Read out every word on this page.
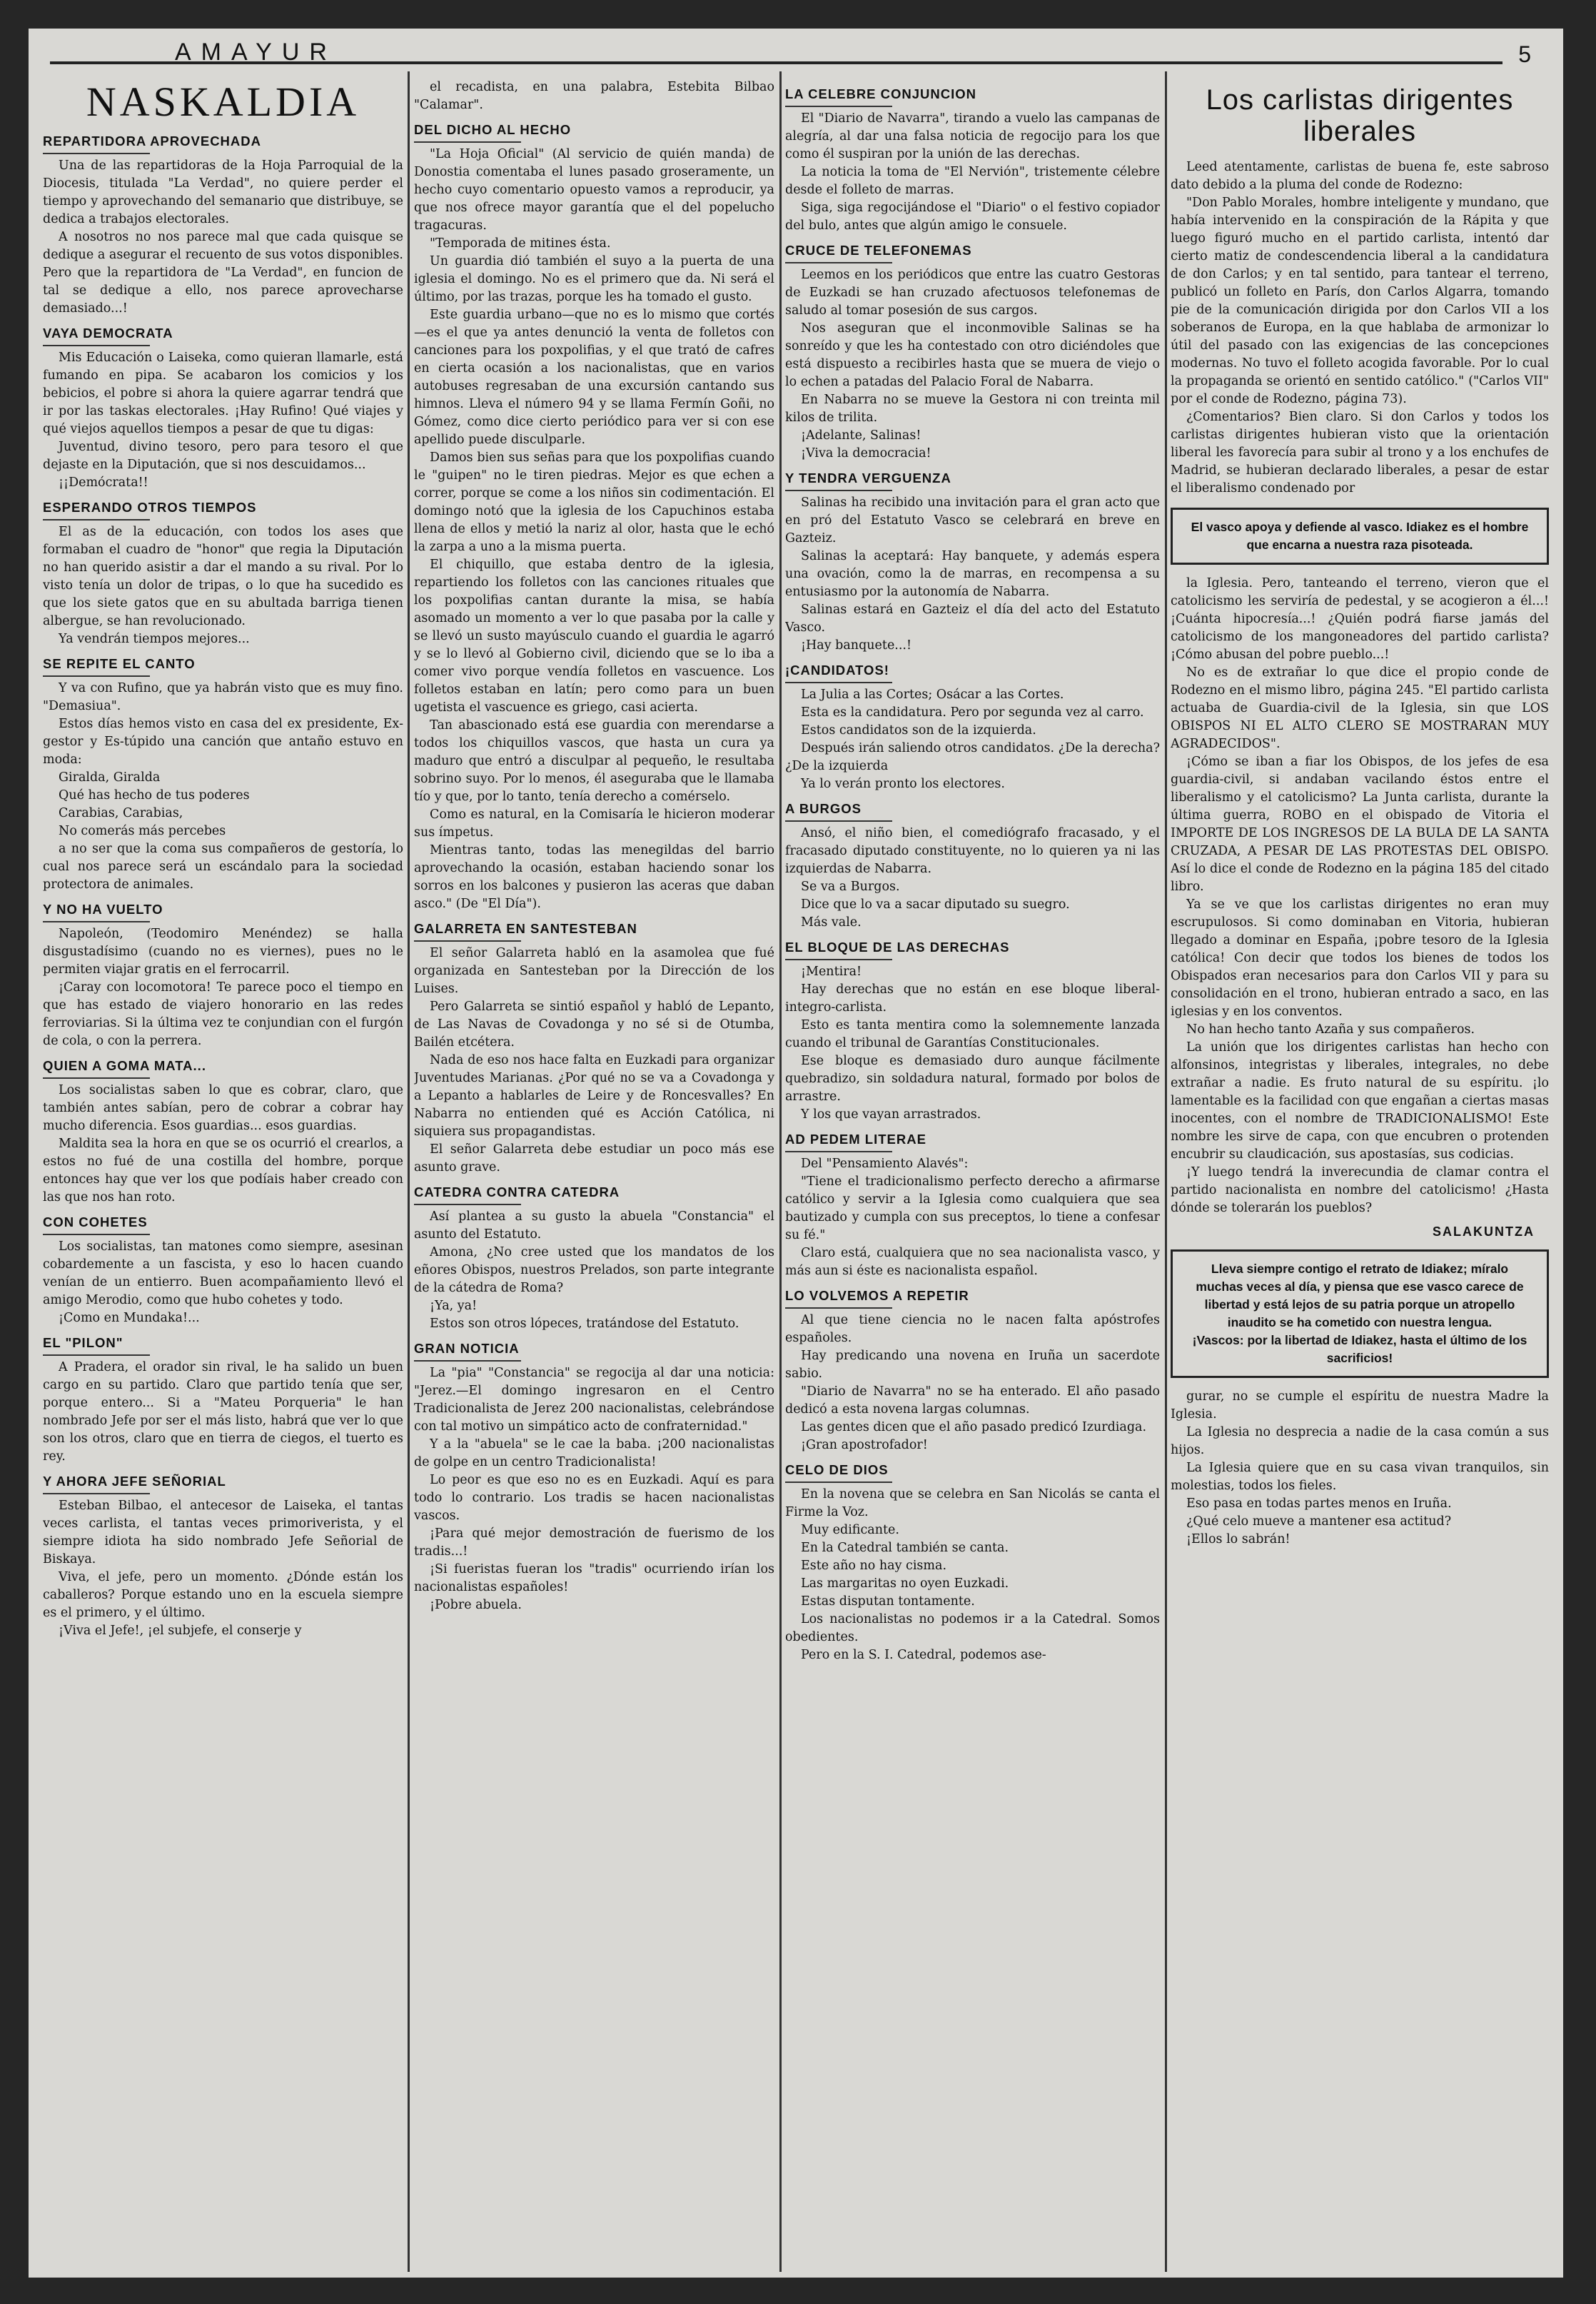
AMAYUR	5
NASKALDIA
REPARTIDORA APROVECHADA

Una de las repartidoras de la Hoja Parroquial de la Diocesis, titulada "La Verdad", no quiere perder el tiempo y aprovechando del semanario que distribuye, se dedica a trabajos electorales.

A nosotros no nos parece mal que cada quisque se dedique a asegurar el recuento de sus votos disponibles. Pero que la repartidora de "La Verdad", en funcion de tal se dedique a ello, nos parece aprovecharse demasiado...!

VAYA DEMOCRATA

Mis Educación o Laiseka, como quieran llamarle, está fumando en pipa. Se acabaron los comicios y los bebicios, el pobre si ahora la quiere agarrar tendrá que ir por las taskas electorales. ¡Hay Rufino! Qué viajes y qué viejos aquellos tiempos a pesar de que tu digas:

Juventud, divino tesoro, pero para tesoro el que dejaste en la Diputación, que si nos descuidamos...

¡¡Demócrata!!

ESPERANDO OTROS TIEMPOS

El as de la educación, con todos los ases que formaban el cuadro de "honor" que regia la Diputación no han querido asistir a dar el mando a su rival. Por lo visto tenía un dolor de tripas, o lo que ha sucedido es que los siete gatos que en su abultada barriga tienen albergue, se han revolucionado.

Ya vendrán tiempos mejores...

SE REPITE EL CANTO

Y va con Rufino, que ya habrán visto que es muy fino. "Demasiua".

Estos días hemos visto en casa del ex presidente, Ex-gestor y Es-túpido una canción que antaño estuvo en moda:

Giralda, Giralda

Qué has hecho de tus poderes

Carabias, Carabias,

No comerás más percebes

a no ser que la coma sus compañeros de gestoría, lo cual nos parece será un escándalo para la sociedad protectora de animales.

Y NO HA VUELTO

Napoleón, (Teodomiro Menéndez) se halla disgustadísimo (cuando no es viernes), pues no le permiten viajar gratis en el ferrocarril.

¡Caray con locomotora! Te parece poco el tiempo en que has estado de viajero honorario en las redes ferroviarias. Si la última vez te conjundian con el furgón de cola, o con la perrera.

QUIEN A GOMA MATA...

Los socialistas saben lo que es cobrar, claro, que también antes sabían, pero de cobrar a cobrar hay mucho diferencia. Esos guardias... esos guardias.

Maldita sea la hora en que se os ocurrió el crearlos, a estos no fué de una costilla del hombre, porque entonces hay que ver los que podíais haber creado con las que nos han roto.

CON COHETES

Los socialistas, tan matones como siempre, asesinan cobardemente a un fascista, y eso lo hacen cuando venían de un entierro. Buen acompañamiento llevó el amigo Merodio, como que hubo cohetes y todo.

¡Como en Mundaka!...

EL "PILON"

A Pradera, el orador sin rival, le ha salido un buen cargo en su partido. Claro que partido tenía que ser, porque entero... Si a "Mateu Porqueria" le han nombrado Jefe por ser el más listo, habrá que ver lo que son los otros, claro que en tierra de ciegos, el tuerto es rey.

Y AHORA JEFE SEÑORIAL

Esteban Bilbao, el antecesor de Laiseka, el tantas veces carlista, el tantas veces primoriverista, y el siempre idiota ha sido nombrado Jefe Señorial de Biskaya.

Viva, el jefe, pero un momento. ¿Dónde están los caballeros? Porque estando uno en la escuela siempre es el primero, y el último.

¡Viva el Jefe!, ¡el subjefe, el conserje y

el recadista, en una palabra, Estebita Bilbao "Calamar".

DEL DICHO AL HECHO

"La Hoja Oficial" (Al servicio de quién manda) de Donostia comentaba el lunes pasado groseramente, un hecho cuyo comentario opuesto vamos a reproducir, ya que nos ofrece mayor garantía que el del popelucho tragacuras.

"Temporada de mitines ésta.

Un guardia dió también el suyo a la puerta de una iglesia el domingo. No es el primero que da. Ni será el último, por las trazas, porque les ha tomado el gusto.

Este guardia urbano—que no es lo mismo que cortés—es el que ya antes denunció la venta de folletos con canciones para los poxpolifias, y el que trató de cafres en cierta ocasión a los nacionalistas, que en varios autobuses regresaban de una excursión cantando sus himnos. Lleva el número 94 y se llama Fermín Goñi, no Gómez, como dice cierto periódico para ver si con ese apellido puede disculparle.

Damos bien sus señas para que los poxpolifias cuando le "guipen" no le tiren piedras. Mejor es que echen a correr, porque se come a los niños sin codimentación. El domingo notó que la iglesia de los Capuchinos estaba llena de ellos y metió la nariz al olor, hasta que le echó la zarpa a uno a la misma puerta.

El chiquillo, que estaba dentro de la iglesia, repartiendo los folletos con las canciones rituales que los poxpolifias cantan durante la misa, se había asomado un momento a ver lo que pasaba por la calle y se llevó un susto mayúsculo cuando el guardia le agarró y se lo llevó al Gobierno civil, diciendo que se lo iba a comer vivo porque vendía folletos en vascuence. Los folletos estaban en latín; pero como para un buen ugetista el vascuence es griego, casi acierta.

Tan abascionado está ese guardia con merendarse a todos los chiquillos vascos, que hasta un cura ya maduro que entró a disculpar al pequeño, le resultaba sobrino suyo. Por lo menos, él aseguraba que le llamaba tío y que, por lo tanto, tenía derecho a comérselo.

Como es natural, en la Comisaría le hicieron moderar sus ímpetus.

Mientras tanto, todas las menegildas del barrio aprovechando la ocasión, estaban haciendo sonar los sorros en los balcones y pusieron las aceras que daban asco." (De "El Día").

GALARRETA EN SANTESTEBAN

El señor Galarreta habló en la asamolea que fué organizada en Santesteban por la Dirección de los Luises.

Pero Galarreta se sintió español y habló de Lepanto, de Las Navas de Covadonga y no sé si de Otumba, Bailén etcétera.

Nada de eso nos hace falta en Euzkadi para organizar Juventudes Marianas. ¿Por qué no se va a Covadonga y a Lepanto a hablarles de Leire y de Roncesvalles? En Nabarra no entienden qué es Acción Católica, ni siquiera sus propagandistas.

El señor Galarreta debe estudiar un poco más ese asunto grave.

CATEDRA CONTRA CATEDRA

Así plantea a su gusto la abuela "Constancia" el asunto del Estatuto.

Amona, ¿No cree usted que los mandatos de los eñores Obispos, nuestros Prelados, son parte integrante de la cátedra de Roma?

¡Ya, ya!

Estos son otros lópeces, tratándose del Estatuto.

GRAN NOTICIA

La "pia" "Constancia" se regocija al dar una noticia: "Jerez.—El domingo ingresaron en el Centro Tradicionalista de Jerez 200 nacionalistas, celebrándose con tal motivo un simpático acto de confraternidad."

Y a la "abuela" se le cae la baba. ¡200 nacionalistas de golpe en un centro Tradicionalista!

Lo peor es que eso no es en Euzkadi. Aquí es para todo lo contrario. Los tradis se hacen nacionalistas vascos.

¡Para qué mejor demostración de fuerismo de los tradis...!

¡Si fueristas fueran los "tradis" ocurriendo irían los nacionalistas españoles!

¡Pobre abuela.

LA CELEBRE CONJUNCION

El "Diario de Navarra", tirando a vuelo las campanas de alegría, al dar una falsa noticia de regocijo para los que como él suspiran por la unión de las derechas.

La noticia la toma de "El Nervión", tristemente célebre desde el folleto de marras.

Siga, siga regocijándose el "Diario" o el festivo copiador del bulo, antes que algún amigo le consuele.

CRUCE DE TELEFONEMAS

Leemos en los periódicos que entre las cuatro Gestoras de Euzkadi se han cruzado afectuosos telefonemas de saludo al tomar posesión de sus cargos.

Nos aseguran que el inconmovible Salinas se ha sonreído y que les ha contestado con otro diciéndoles que está dispuesto a recibirles hasta que se muera de viejo o lo echen a patadas del Palacio Foral de Nabarra.

En Nabarra no se mueve la Gestora ni con treinta mil kilos de trilita.

¡Adelante, Salinas!

¡Viva la democracia!

Y TENDRA VERGUENZA

Salinas ha recibido una invitación para el gran acto que en pró del Estatuto Vasco se celebrará en breve en Gazteiz.

Salinas la aceptará: Hay banquete, y además espera una ovación, como la de marras, en recompensa a su entusiasmo por la autonomía de Nabarra.

Salinas estará en Gazteiz el día del acto del Estatuto Vasco.

¡Hay banquete...!

¡CANDIDATOS!

La Julia a las Cortes; Osácar a las Cortes.

Esta es la candidatura. Pero por segunda vez al carro.

Estos candidatos son de la izquierda.

Después irán saliendo otros candidatos. ¿De la derecha? ¿De la izquierda

Ya lo verán pronto los electores.

A BURGOS

Ansó, el niño bien, el comediógrafo fracasado, y el fracasado diputado constituyente, no lo quieren ya ni las izquierdas de Nabarra.

Se va a Burgos.

Dice que lo va a sacar diputado su suegro.

Más vale.

EL BLOQUE DE LAS DERECHAS

¡Mentira!

Hay derechas que no están en ese bloque liberal-integro-carlista.

Esto es tanta mentira como la solemnemente lanzada cuando el tribunal de Garantías Constitucionales.

Ese bloque es demasiado duro aunque fácilmente quebradizo, sin soldadura natural, formado por bolos de arrastre.

Y los que vayan arrastrados.

AD PEDEM LITERAE

Del "Pensamiento Alavés":

"Tiene el tradicionalismo perfecto derecho a afirmarse católico y servir a la Iglesia como cualquiera que sea bautizado y cumpla con sus preceptos, lo tiene a confesar su fé."

Claro está, cualquiera que no sea nacionalista vasco, y más aun si éste es nacionalista español.

LO VOLVEMOS A REPETIR

Al que tiene ciencia no le nacen falta apóstrofes españoles.

Hay predicando una novena en Iruña un sacerdote sabio.

"Diario de Navarra" no se ha enterado. El año pasado dedicó a esta novena largas columnas.

Las gentes dicen que el año pasado predicó Izurdiaga.

¡Gran apostrofador!

CELO DE DIOS

En la novena que se celebra en San Nicolás se canta el Firme la Voz.

Muy edificante.

En la Catedral también se canta.

Este año no hay cisma.

Las margaritas no oyen Euzkadi.

Estas disputan tontamente.

Los nacionalistas no podemos ir a la Catedral. Somos obedientes.

Pero en la S. I. Catedral, podemos ase-

Los carlistas dirigentes liberales

Leed atentamente, carlistas de buena fe, este sabroso dato debido a la pluma del conde de Rodezno:

"Don Pablo Morales, hombre inteligente y mundano, que había intervenido en la conspiración de la Rápita y que luego figuró mucho en el partido carlista, intentó dar cierto matiz de condescendencia liberal a la candidatura de don Carlos; y en tal sentido, para tantear el terreno, publicó un folleto en París, don Carlos Algarra, tomando pie de la comunicación dirigida por don Carlos VII a los soberanos de Europa, en la que hablaba de armonizar lo útil del pasado con las exigencias de las concepciones modernas. No tuvo el folleto acogida favorable. Por lo cual la propaganda se orientó en sentido católico." ("Carlos VII" por el conde de Rodezno, página 73).

¿Comentarios? Bien claro. Si don Carlos y todos los carlistas dirigentes hubieran visto que la orientación liberal les favorecía para subir al trono y a los enchufes de Madrid, se hubieran declarado liberales, a pesar de estar el liberalismo condenado por

El vasco apoya y defiende al vasco. Idiakez es el hombre que encarna a nuestra raza pisoteada.

la Iglesia. Pero, tanteando el terreno, vieron que el catolicismo les serviría de pedestal, y se acogieron a él...! ¡Cuánta hipocresía...! ¿Quién podrá fiarse jamás del catolicismo de los mangoneadores del partido carlista? ¡Cómo abusan del pobre pueblo...!

No es de extrañar lo que dice el propio conde de Rodezno en el mismo libro, página 245. "El partido carlista actuaba de Guardia-civil de la Iglesia, sin que LOS OBISPOS NI EL ALTO CLERO SE MOSTRARAN MUY AGRADECIDOS".

¡Cómo se iban a fiar los Obispos, de los jefes de esa guardia-civil, si andaban vacilando éstos entre el liberalismo y el catolicismo? La Junta carlista, durante la última guerra, ROBO en el obispado de Vitoria el IMPORTE DE LOS INGRESOS DE LA BULA DE LA SANTA CRUZADA, A PESAR DE LAS PROTESTAS DEL OBISPO. Así lo dice el conde de Rodezno en la página 185 del citado libro.

Ya se ve que los carlistas dirigentes no eran muy escrupulosos. Si como dominaban en Vitoria, hubieran llegado a dominar en España, ¡pobre tesoro de la Iglesia católica! Con decir que todos los bienes de todos los Obispados eran necesarios para don Carlos VII y para su consolidación en el trono, hubieran entrado a saco, en las iglesias y en los conventos.

No han hecho tanto Azaña y sus compañeros.

La unión que los dirigentes carlistas han hecho con alfonsinos, integristas y liberales, integrales, no debe extrañar a nadie. Es fruto natural de su espíritu. ¡lo lamentable es la facilidad con que engañan a ciertas masas inocentes, con el nombre de TRADICIONALISMO! Este nombre les sirve de capa, con que encubren o protenden encubrir su claudicación, sus apostasías, sus codicias.

¡Y luego tendrá la inverecundia de clamar contra el partido nacionalista en nombre del catolicismo! ¿Hasta dónde se tolerarán los pueblos?

SALAKUNTZA

Lleva siempre contigo el retrato de Idiakez; míralo muchas veces al día, y piensa que ese vasco carece de libertad y está lejos de su patria porque un atropello inaudito se ha cometido con nuestra lengua.

¡Vascos: por la libertad de Idiakez, hasta el último de los sacrificios!

gurar, no se cumple el espíritu de nuestra Madre la Iglesia.

La Iglesia no desprecia a nadie de la casa común a sus hijos.

La Iglesia quiere que en su casa vivan tranquilos, sin molestias, todos los fieles.

Eso pasa en todas partes menos en Iruña.

¿Qué celo mueve a mantener esa actitud?

¡Ellos lo sabrán!
